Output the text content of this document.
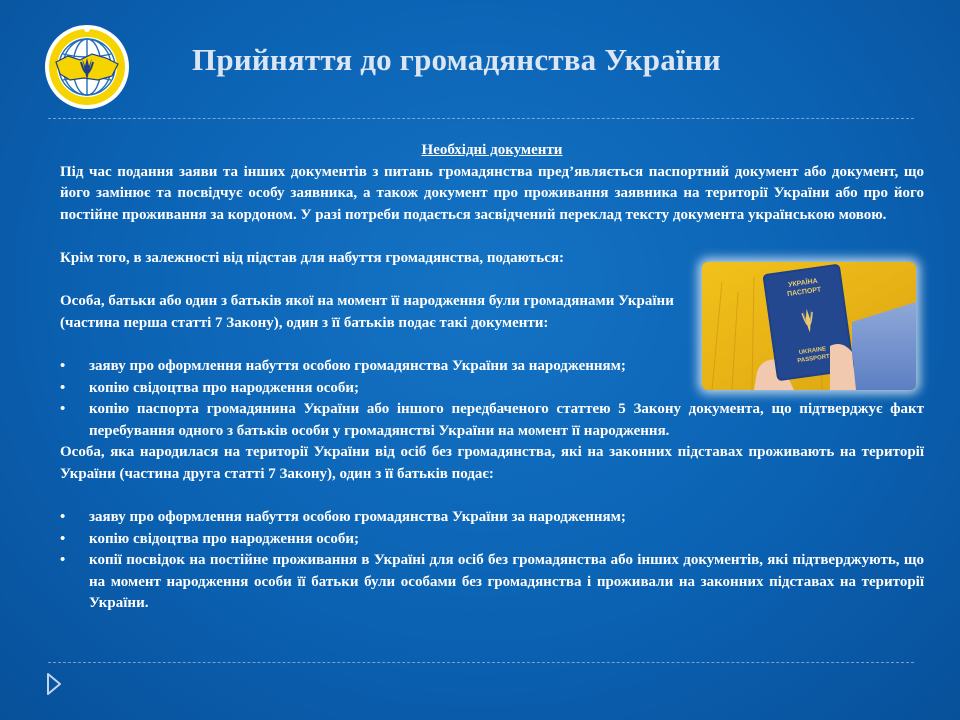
Прийняття до громадянства України

Необхідні документи

Під час подання заяви та інших документів з питань громадянства пред’являється паспортний документ або документ, що його замінює та посвідчує особу заявника, а також документ про проживання заявника на території України або про його постійне проживання за кордоном. У разі потреби подається засвідчений переклад тексту документа українською мовою.

Крім того, в залежності від підстав для набуття громадянства, подаються:

Особа, батьки або один з батьків якої на момент її народження були громадянами України (частина перша статті 7 Закону), один з її батьків подає такі документи:

• заяву про оформлення набуття особою громадянства України за народженням;
• копію свідоцтва про народження особи;
• копію паспорта громадянина України або іншого передбаченого статтею 5 Закону документа, що підтверджує факт перебування одного з батьків особи у громадянстві України на момент її народження.

Особа, яка народилася на території України від осіб без громадянства, які на законних підставах проживають на території України (частина друга статті 7 Закону), один з її батьків подає:

• заяву про оформлення набуття особою громадянства України за народженням;
• копію свідоцтва про народження особи;
• копії посвідок на постійне проживання в Україні для осіб без громадянства або інших документів, які підтверджують, що на момент народження особи її батьки були особами без громадянства і проживали на законних підставах на території України.
УКРАЇНА
ПАСПОРТ
UKRAINE
PASSPORT
